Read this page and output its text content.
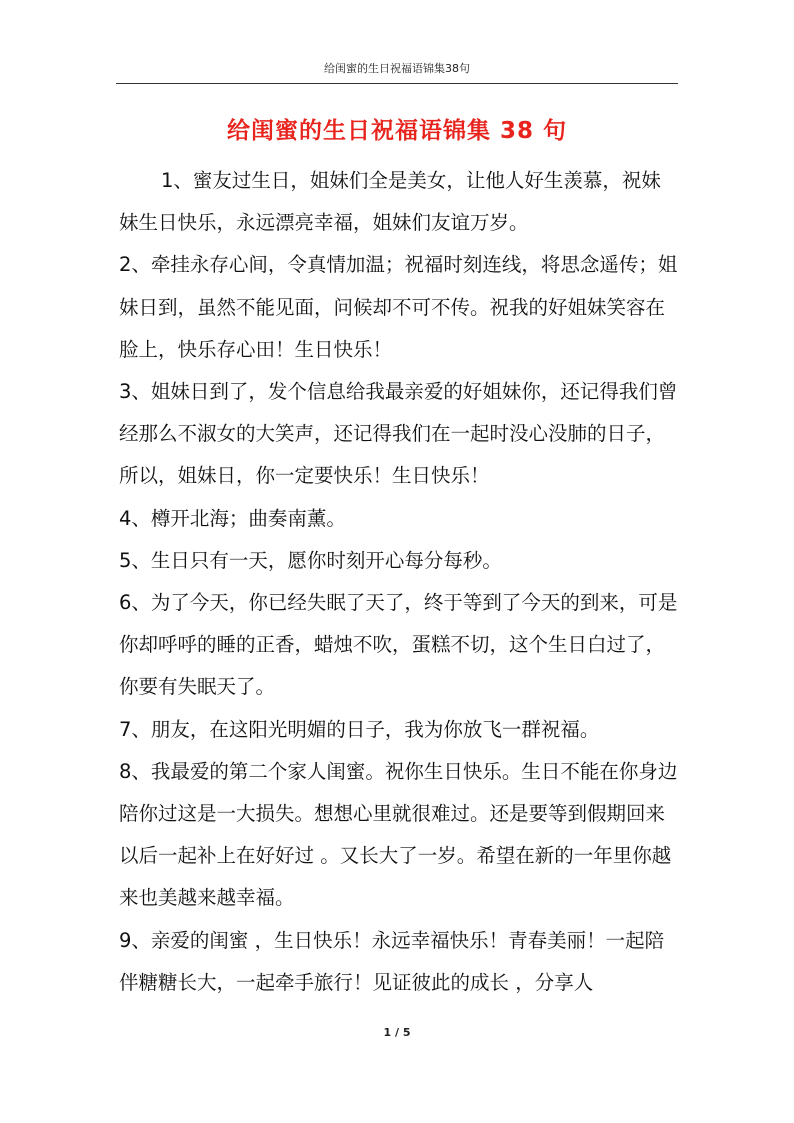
给闺蜜的生日祝福语锦集38句
给闺蜜的生日祝福语锦集 38 句

1、蜜友过生日，姐妹们全是美女，让他人好生羡慕，祝妹妹生日快乐，永远漂亮幸福，姐妹们友谊万岁。

2、牵挂永存心间，令真情加温；祝福时刻连线，将思念遥传；姐妹日到，虽然不能见面，问候却不可不传。祝我的好姐妹笑容在脸上，快乐存心田！生日快乐！

3、姐妹日到了，发个信息给我最亲爱的好姐妹你，还记得我们曾经那么不淑女的大笑声，还记得我们在一起时没心没肺的日子，所以，姐妹日，你一定要快乐！生日快乐！

4、樽开北海；曲奏南薰。

5、生日只有一天，愿你时刻开心每分每秒。

6、为了今天，你已经失眠了天了，终于等到了今天的到来，可是你却呼呼的睡的正香，蜡烛不吹，蛋糕不切，这个生日白过了，你要有失眠天了。

7、朋友，在这阳光明媚的日子，我为你放飞一群祝福。

8、我最爱的第二个家人闺蜜。祝你生日快乐。生日不能在你身边陪你过这是一大损失。想想心里就很难过。还是要等到假期回来以后一起补上在好好过 。又长大了一岁。希望在新的一年里你越来也美越来越幸福。

9、亲爱的闺蜜 ，生日快乐！永远幸福快乐！青春美丽！一起陪伴糖糖长大，一起牵手旅行！见证彼此的成长 ，分享人

1 / 5
